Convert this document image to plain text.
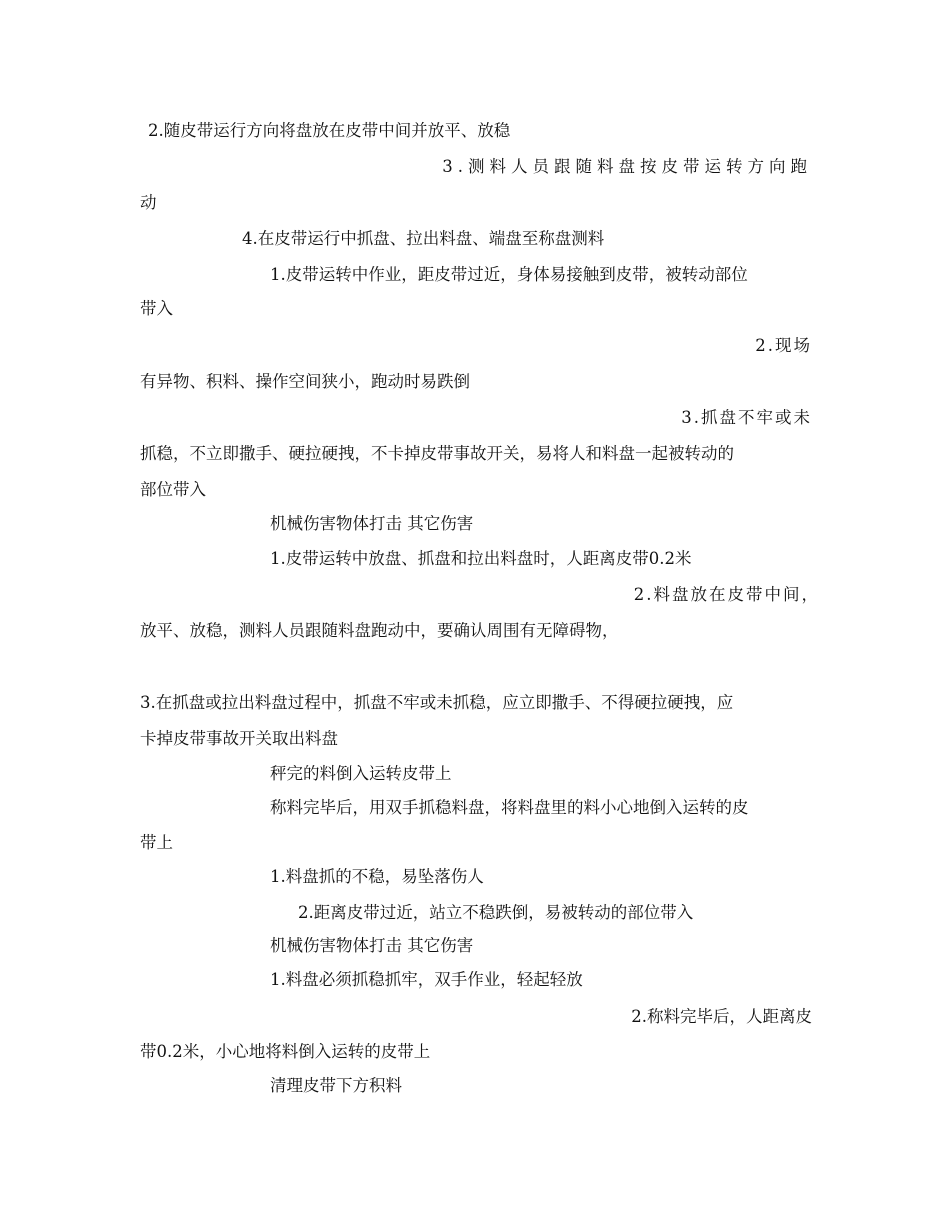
2.随皮带运行方向将盘放在皮带中间并放平、放稳
3.测料人员跟随料盘按皮带运转方向跑
动
4.在皮带运行中抓盘、拉出料盘、端盘至称盘测料
1.皮带运转中作业，距皮带过近，身体易接触到皮带，被转动部位
带入
2.现场
有异物、积料、操作空间狭小，跑动时易跌倒
3.抓盘不牢或未
抓稳，不立即撒手、硬拉硬拽，不卡掉皮带事故开关，易将人和料盘一起被转动的
部位带入
机械伤害物体打击 其它伤害
1.皮带运转中放盘、抓盘和拉出料盘时，人距离皮带0.2米
2.料盘放在皮带中间，
放平、放稳，测料人员跟随料盘跑动中，要确认周围有无障碍物，
3.在抓盘或拉出料盘过程中，抓盘不牢或未抓稳，应立即撒手、不得硬拉硬拽，应
卡掉皮带事故开关取出料盘
秤完的料倒入运转皮带上
称料完毕后，用双手抓稳料盘，将料盘里的料小心地倒入运转的皮
带上
1.料盘抓的不稳，易坠落伤人
2.距离皮带过近，站立不稳跌倒，易被转动的部位带入
机械伤害物体打击 其它伤害
1.料盘必须抓稳抓牢，双手作业，轻起轻放
2.称料完毕后，人距离皮
带0.2米，小心地将料倒入运转的皮带上
清理皮带下方积料
